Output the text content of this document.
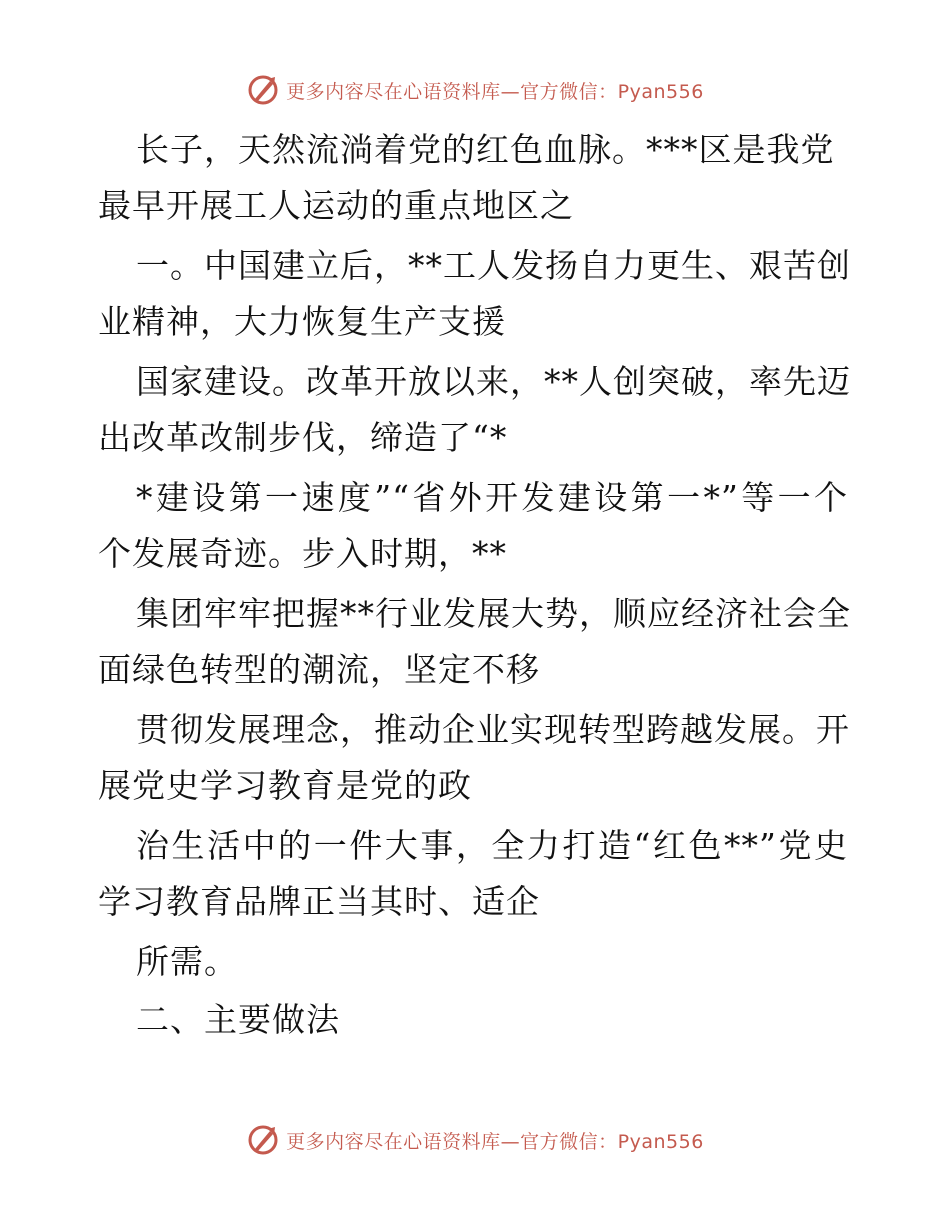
更多内容尽在心语资料库—官方微信：Pyan556
长子，天然流淌着党的红色血脉。***区是我党
最早开展工人运动的重点地区之
一。中国建立后，**工人发扬自力更生、艰苦创
业精神，大力恢复生产支援
国家建设。改革开放以来，**人创突破，率先迈
出改革改制步伐，缔造了“*
*建设第一速度”“省外开发建设第一*”等一个
个发展奇迹。步入时期，**
集团牢牢把握**行业发展大势，顺应经济社会全
面绿色转型的潮流，坚定不移
贯彻发展理念，推动企业实现转型跨越发展。开
展党史学习教育是党的政
治生活中的一件大事，全力打造“红色**”党史
学习教育品牌正当其时、适企
所需。
二、主要做法
更多内容尽在心语资料库—官方微信：Pyan556
